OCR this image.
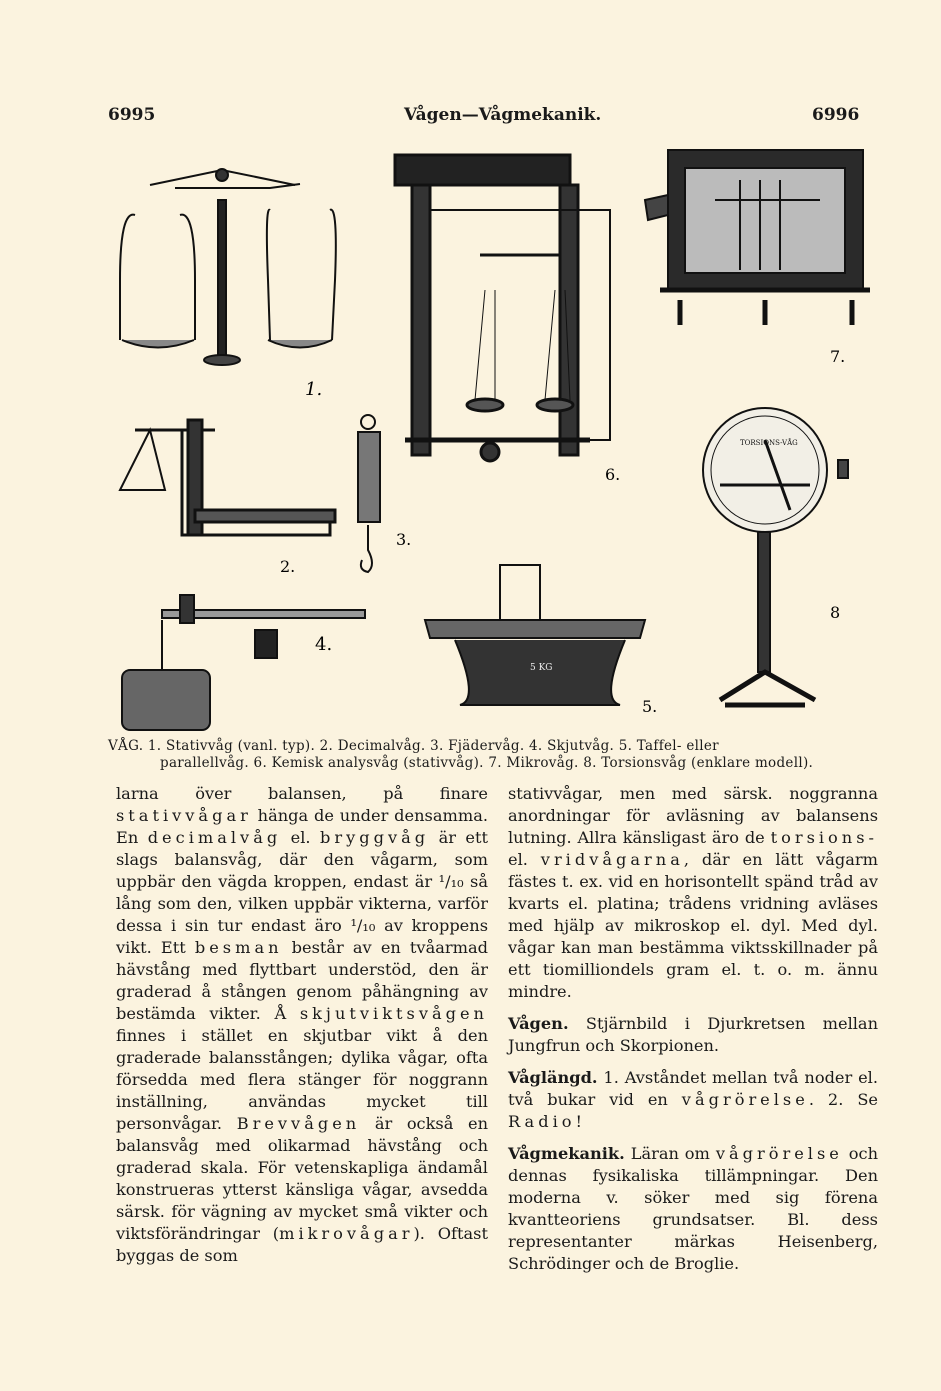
6995	Vågen—Vågmekanik.	6996
1.
2.
3.
4.
5 KG
5.
6.
7.
TORSIONS-VÅG
8
VÅG. 1. Stativvåg (vanl. typ). 2. Decimalvåg. 3. Fjädervåg. 4. Skjutvåg. 5. Taffel- eller
parallellvåg. 6. Kemisk analysvåg (stativvåg). 7. Mikrovåg. 8. Torsionsvåg (enklare modell).

larna över balansen, på finare stativvågar hänga de under densamma. En decimalvåg el. bryggvåg är ett slags balansvåg, där den vågarm, som uppbär den vägda kroppen, endast är ¹/₁₀ så lång som den, vilken uppbär vikterna, varför dessa i sin tur endast äro ¹/₁₀ av kroppens vikt. Ett besman består av en tvåarmad hävstång med flyttbart understöd, den är graderad å stången genom påhängning av bestämda vikter. Å skjutviktsvågen finnes i stället en skjutbar vikt å den graderade balansstången; dylika vågar, ofta försedda med flera stänger för noggrann inställning, användas mycket till personvågar. Brevvågen är också en balansvåg med olikarmad hävstång och graderad skala. För vetenskapliga ändamål konstrueras ytterst känsliga vågar, avsedda särsk. för vägning av mycket små vikter och viktsförändringar (mikrovågar). Oftast byggas de som

stativvågar, men med särsk. noggranna anordningar för avläsning av balansens lutning. Allra känsligast äro de torsions- el. vridvågarna, där en lätt vågarm fästes t. ex. vid en horisontellt spänd tråd av kvarts el. platina; trådens vridning avläses med hjälp av mikroskop el. dyl. Med dyl. vågar kan man bestämma viktsskillnader på ett tiomilliondels gram el. t. o. m. ännu mindre.

Vågen. Stjärnbild i Djurkretsen mellan Jungfrun och Skorpionen.

Våglängd. 1. Avståndet mellan två noder el. två bukar vid en vågrörelse. 2. Se Radio!

Vågmekanik. Läran om vågrörelse och dennas fysikaliska tillämpningar. Den moderna v. söker med sig förena kvantteoriens grundsatser. Bl. dess representanter märkas Heisenberg, Schrödinger och de Broglie.
